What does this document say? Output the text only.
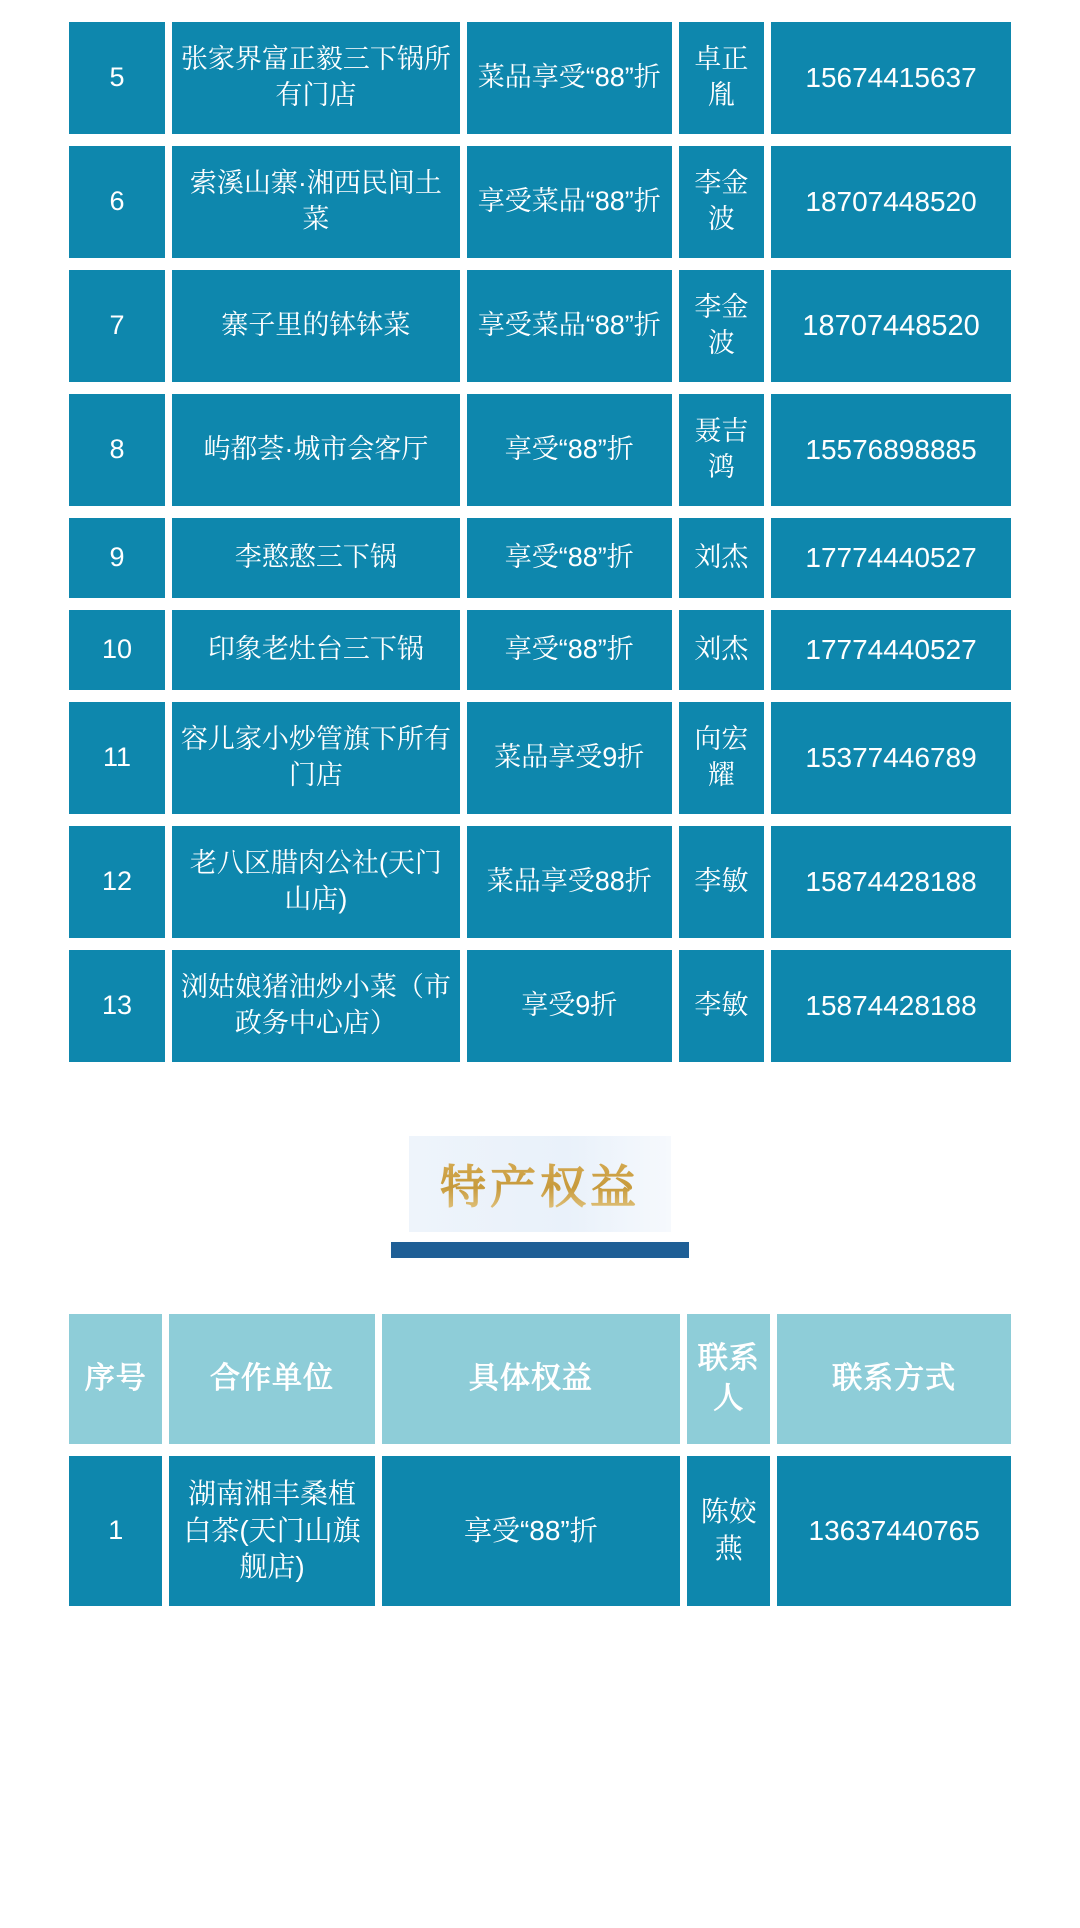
5	张家界富正毅三下锅所有门店	菜品享受“88”折	卓正胤	15674415637
6	索溪山寨·湘西民间土菜	享受菜品“88”折	李金波	18707448520
7	寨子里的钵钵菜	享受菜品“88”折	李金波	18707448520
8	屿都荟·城市会客厅	享受“88”折	聂吉鸿	15576898885
9	李憨憨三下锅	享受“88”折	刘杰	17774440527
10	印象老灶台三下锅	享受“88”折	刘杰	17774440527
11	容儿家小炒管旗下所有门店	菜品享受9折	向宏耀	15377446789
12	老八区腊肉公社(天门山店)	菜品享受88折	李敏	15874428188
13	浏姑娘猪油炒小菜（市政务中心店）	享受9折	李敏	15874428188
特产权益
序号	合作单位	具体权益	联系人	联系方式
1	湖南湘丰桑植白茶(天门山旗舰店)	享受“88”折	陈姣燕	13637440765
